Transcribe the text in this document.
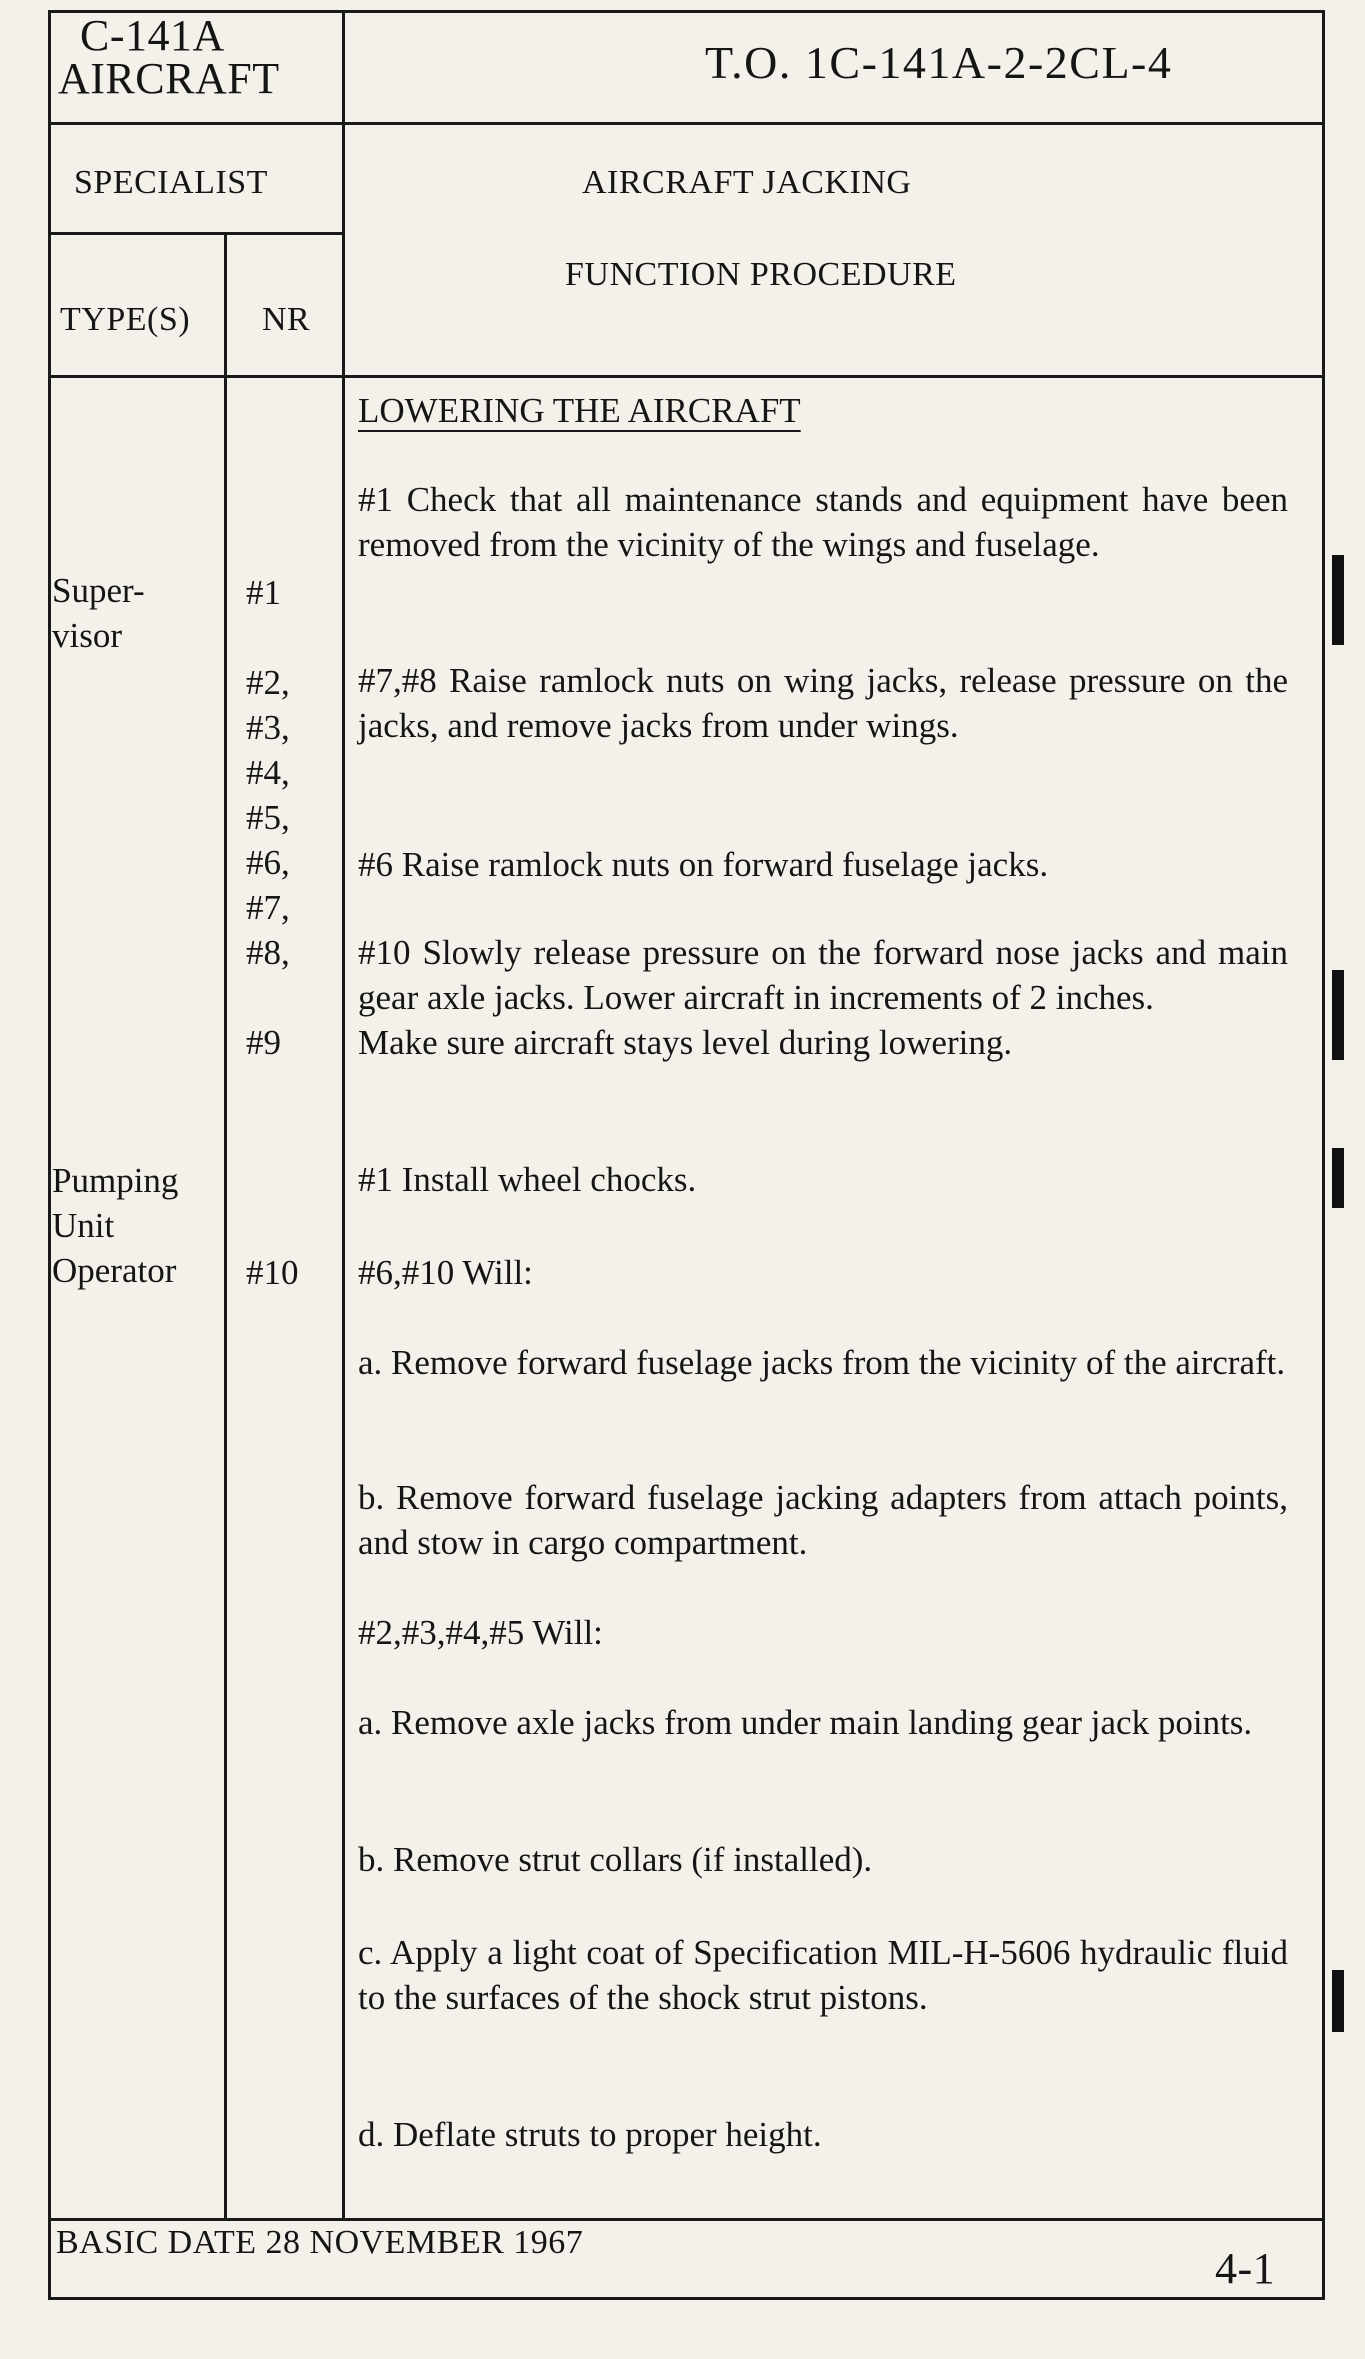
C-141A
AIRCRAFT	T.O. 1C-141A-2-2CL-4
SPECIALIST	AIRCRAFT JACKING
FUNCTION PROCEDURE
TYPE(S) NR
Super-
visor
Pumping
Unit
Operator
#1
#2,
#3,
#4,
#5,
#6,
#7,
#8,
#9
#10

LOWERING THE AIRCRAFT

#1 Check that all maintenance stands and equipment have been removed from the vicinity of the wings and fuselage.

#7,#8 Raise ramlock nuts on wing jacks, release pressure on the jacks, and remove jacks from under wings.

#6 Raise ramlock nuts on forward fuselage jacks.

#10 Slowly release pressure on the forward nose jacks and main gear axle jacks. Lower aircraft in increments of 2 inches.

Make sure aircraft stays level during lowering.

#1 Install wheel chocks.

#6,#10 Will:

a. Remove forward fuselage jacks from the vicinity of the aircraft.

b. Remove forward fuselage jacking adapters from attach points, and stow in cargo compartment.

#2,#3,#4,#5 Will:

a. Remove axle jacks from under main landing gear jack points.

b. Remove strut collars (if installed).

c. Apply a light coat of Specification MIL-H-5606 hydraulic fluid to the surfaces of the shock strut pistons.

d. Deflate struts to proper height.

BASIC DATE 28 NOVEMBER 1967
4-1
